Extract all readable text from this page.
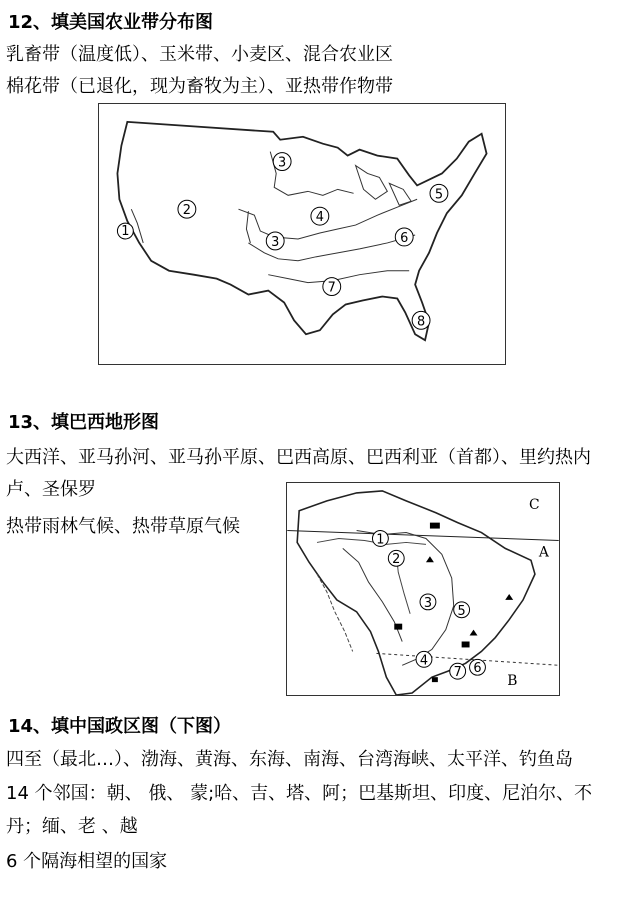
12、填美国农业带分布图
乳畜带（温度低）、玉米带、小麦区、混合农业区
棉花带（已退化，现为畜牧为主）、亚热带作物带
1
2
3
4
3	6
5
7
8
13、填巴西地形图
大西洋、亚马孙河、亚马孙平原、巴西高原、巴西利亚（首都）、里约热内
卢、圣保罗
热带雨林气候、热带草原气候
1
2
3
5
4
7 6
C
A
B
14、填中国政区图（下图）
四至（最北…）、渤海、黄海、东海、南海、台湾海峡、太平洋、钓鱼岛
14 个邻国：朝、 俄、 蒙;哈、吉、塔、阿；巴基斯坦、印度、尼泊尔、不
丹；缅、老 、越
6 个隔海相望的国家
